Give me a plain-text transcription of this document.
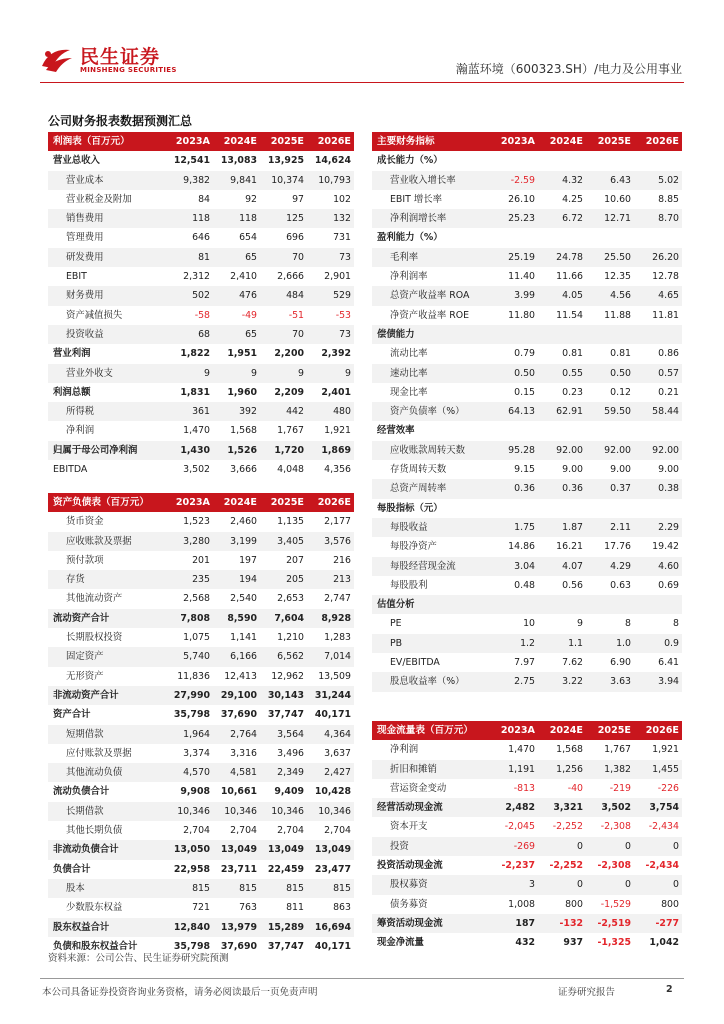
民生证券
MINSHENG SECURITIES	瀚蓝环境（600323.SH）/电力及公用事业
公司财务报表数据预测汇总
利润表（百万元）	2023A	2024E	2025E	2026E
营业总收入	12,541	13,083	13,925	14,624
营业成本	9,382	9,841	10,374	10,793
营业税金及附加	84	92	97	102
销售费用	118	118	125	132
管理费用	646	654	696	731
研发费用	81	65	70	73
EBIT	2,312	2,410	2,666	2,901
财务费用	502	476	484	529
资产减值损失	-58	-49	-51	-53
投资收益	68	65	70	73
营业利润	1,822	1,951	2,200	2,392
营业外收支	9	9	9	9
利润总额	1,831	1,960	2,209	2,401
所得税	361	392	442	480
净利润	1,470	1,568	1,767	1,921
归属于母公司净利润	1,430	1,526	1,720	1,869
EBITDA	3,502	3,666	4,048	4,356
资产负债表（百万元）	2023A	2024E	2025E	2026E
货币资金	1,523	2,460	1,135	2,177
应收账款及票据	3,280	3,199	3,405	3,576
预付款项	201	197	207	216
存货	235	194	205	213
其他流动资产	2,568	2,540	2,653	2,747
流动资产合计	7,808	8,590	7,604	8,928
长期股权投资	1,075	1,141	1,210	1,283
固定资产	5,740	6,166	6,562	7,014
无形资产	11,836	12,413	12,962	13,509
非流动资产合计	27,990	29,100	30,143	31,244
资产合计	35,798	37,690	37,747	40,171
短期借款	1,964	2,764	3,564	4,364
应付账款及票据	3,374	3,316	3,496	3,637
其他流动负债	4,570	4,581	2,349	2,427
流动负债合计	9,908	10,661	9,409	10,428
长期借款	10,346	10,346	10,346	10,346
其他长期负债	2,704	2,704	2,704	2,704
非流动负债合计	13,050	13,049	13,049	13,049
负债合计	22,958	23,711	22,459	23,477
股本	815	815	815	815
少数股东权益	721	763	811	863
股东权益合计	12,840	13,979	15,289	16,694
负债和股东权益合计	35,798	37,690	37,747	40,171
主要财务指标	2023A	2024E	2025E	2026E
成长能力（%）				
营业收入增长率	-2.59	4.32	6.43	5.02
EBIT 增长率	26.10	4.25	10.60	8.85
净利润增长率	25.23	6.72	12.71	8.70
盈利能力（%）				
毛利率	25.19	24.78	25.50	26.20
净利润率	11.40	11.66	12.35	12.78
总资产收益率 ROA	3.99	4.05	4.56	4.65
净资产收益率 ROE	11.80	11.54	11.88	11.81
偿债能力				
流动比率	0.79	0.81	0.81	0.86
速动比率	0.50	0.55	0.50	0.57
现金比率	0.15	0.23	0.12	0.21
资产负债率（%）	64.13	62.91	59.50	58.44
经营效率				
应收账款周转天数	95.28	92.00	92.00	92.00
存货周转天数	9.15	9.00	9.00	9.00
总资产周转率	0.36	0.36	0.37	0.38
每股指标（元）				
每股收益	1.75	1.87	2.11	2.29
每股净资产	14.86	16.21	17.76	19.42
每股经营现金流	3.04	4.07	4.29	4.60
每股股利	0.48	0.56	0.63	0.69
估值分析				
PE	10	9	8	8
PB	1.2	1.1	1.0	0.9
EV/EBITDA	7.97	7.62	6.90	6.41
股息收益率（%）	2.75	3.22	3.63	3.94
现金流量表（百万元）	2023A	2024E	2025E	2026E
净利润	1,470	1,568	1,767	1,921
折旧和摊销	1,191	1,256	1,382	1,455
营运资金变动	-813	-40	-219	-226
经营活动现金流	2,482	3,321	3,502	3,754
资本开支	-2,045	-2,252	-2,308	-2,434
投资	-269	0	0	0
投资活动现金流	-2,237	-2,252	-2,308	-2,434
股权募资	3	0	0	0
债务募资	1,008	800	-1,529	800
筹资活动现金流	187	-132	-2,519	-277
现金净流量	432	937	-1,325	1,042
资料来源：公司公告、民生证券研究院预测
本公司具备证券投资咨询业务资格，请务必阅读最后一页免责声明	证券研究报告	2
